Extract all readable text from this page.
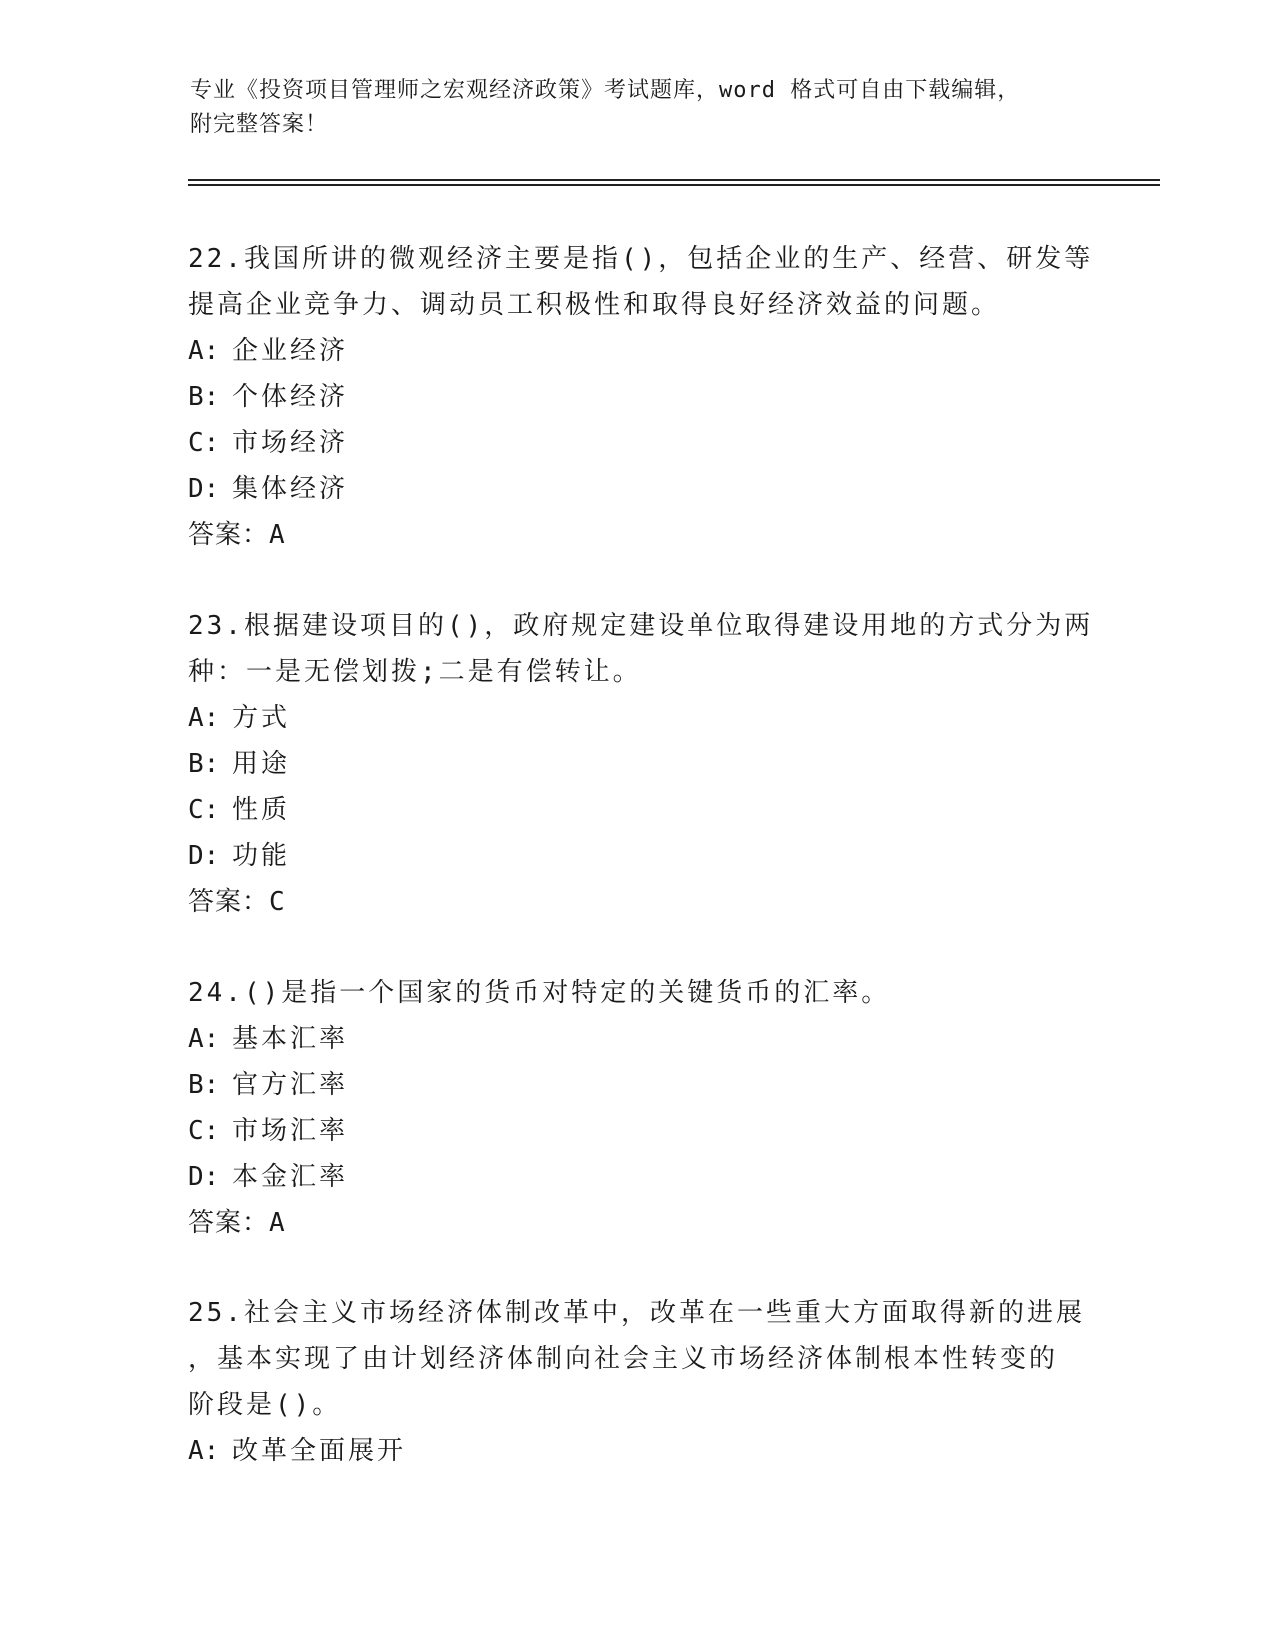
专业《投资项目管理师之宏观经济政策》考试题库，word 格式可自由下载编辑，
附完整答案！
22.我国所讲的微观经济主要是指()，包括企业的生产、经营、研发等
提高企业竞争力、调动员工积极性和取得良好经济效益的问题。
A: 企业经济
B: 个体经济
C: 市场经济
D: 集体经济
答案：A
23.根据建设项目的()，政府规定建设单位取得建设用地的方式分为两
种：一是无偿划拨;二是有偿转让。
A: 方式
B: 用途
C: 性质
D: 功能
答案：C
24.()是指一个国家的货币对特定的关键货币的汇率。
A: 基本汇率
B: 官方汇率
C: 市场汇率
D: 本金汇率
答案：A
25.社会主义市场经济体制改革中，改革在一些重大方面取得新的进展
，基本实现了由计划经济体制向社会主义市场经济体制根本性转变的
阶段是()。
A: 改革全面展开
